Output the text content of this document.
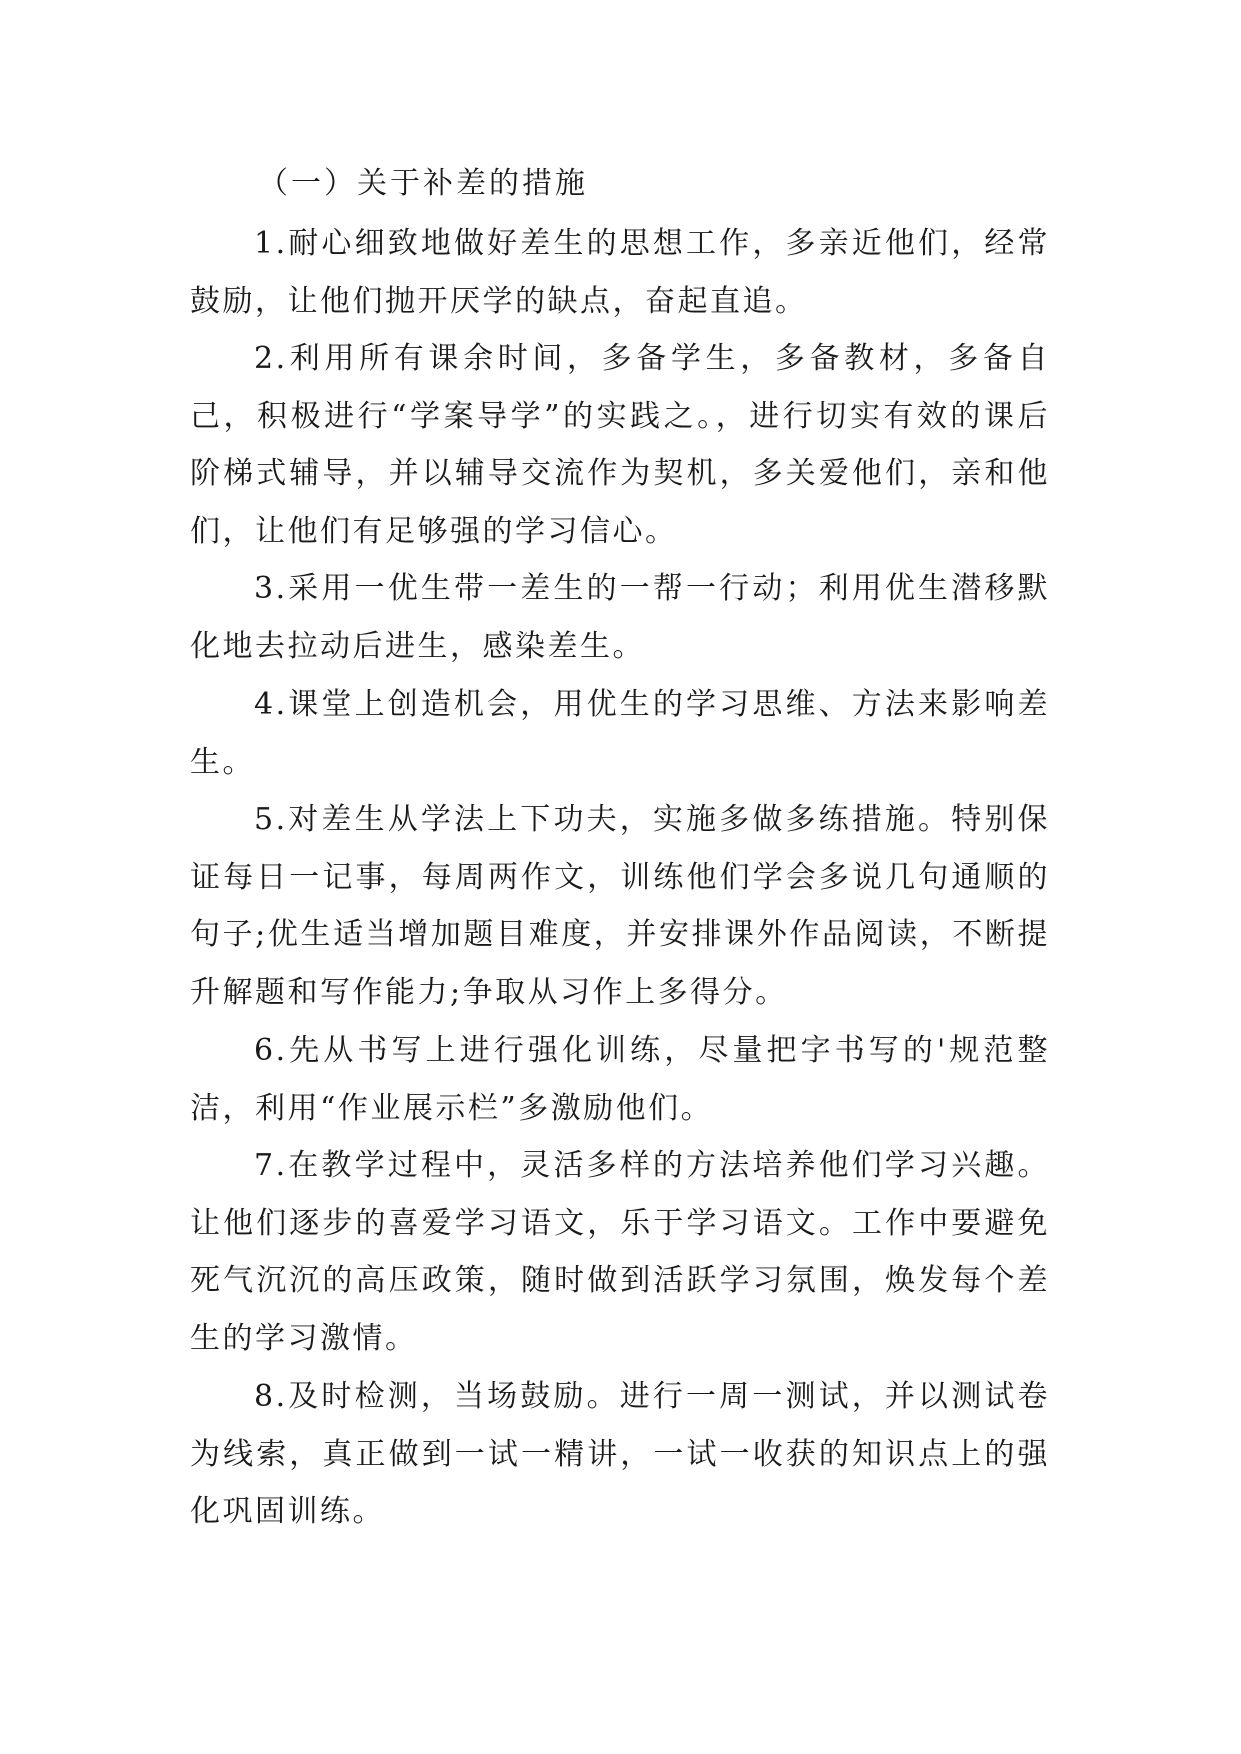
（一）关于补差的措施

1.耐心细致地做好差生的思想工作，多亲近他们，经常鼓励，让他们抛开厌学的缺点，奋起直追。

2.利用所有课余时间，多备学生，多备教材，多备自己，积极进行“学案导学”的实践之。，进行切实有效的课后阶梯式辅导，并以辅导交流作为契机，多关爱他们，亲和他们，让他们有足够强的学习信心。

3.采用一优生带一差生的一帮一行动；利用优生潜移默化地去拉动后进生，感染差生。

4.课堂上创造机会，用优生的学习思维、方法来影响差生。

5.对差生从学法上下功夫，实施多做多练措施。特别保证每日一记事，每周两作文，训练他们学会多说几句通顺的句子;优生适当增加题目难度，并安排课外作品阅读，不断提升解题和写作能力;争取从习作上多得分。

6.先从书写上进行强化训练，尽量把字书写的'规范整洁，利用“作业展示栏”多激励他们。

7.在教学过程中，灵活多样的方法培养他们学习兴趣。让他们逐步的喜爱学习语文，乐于学习语文。工作中要避免死气沉沉的高压政策，随时做到活跃学习氛围，焕发每个差生的学习激情。

8.及时检测，当场鼓励。进行一周一测试，并以测试卷为线索，真正做到一试一精讲，一试一收获的知识点上的强化巩固训练。
